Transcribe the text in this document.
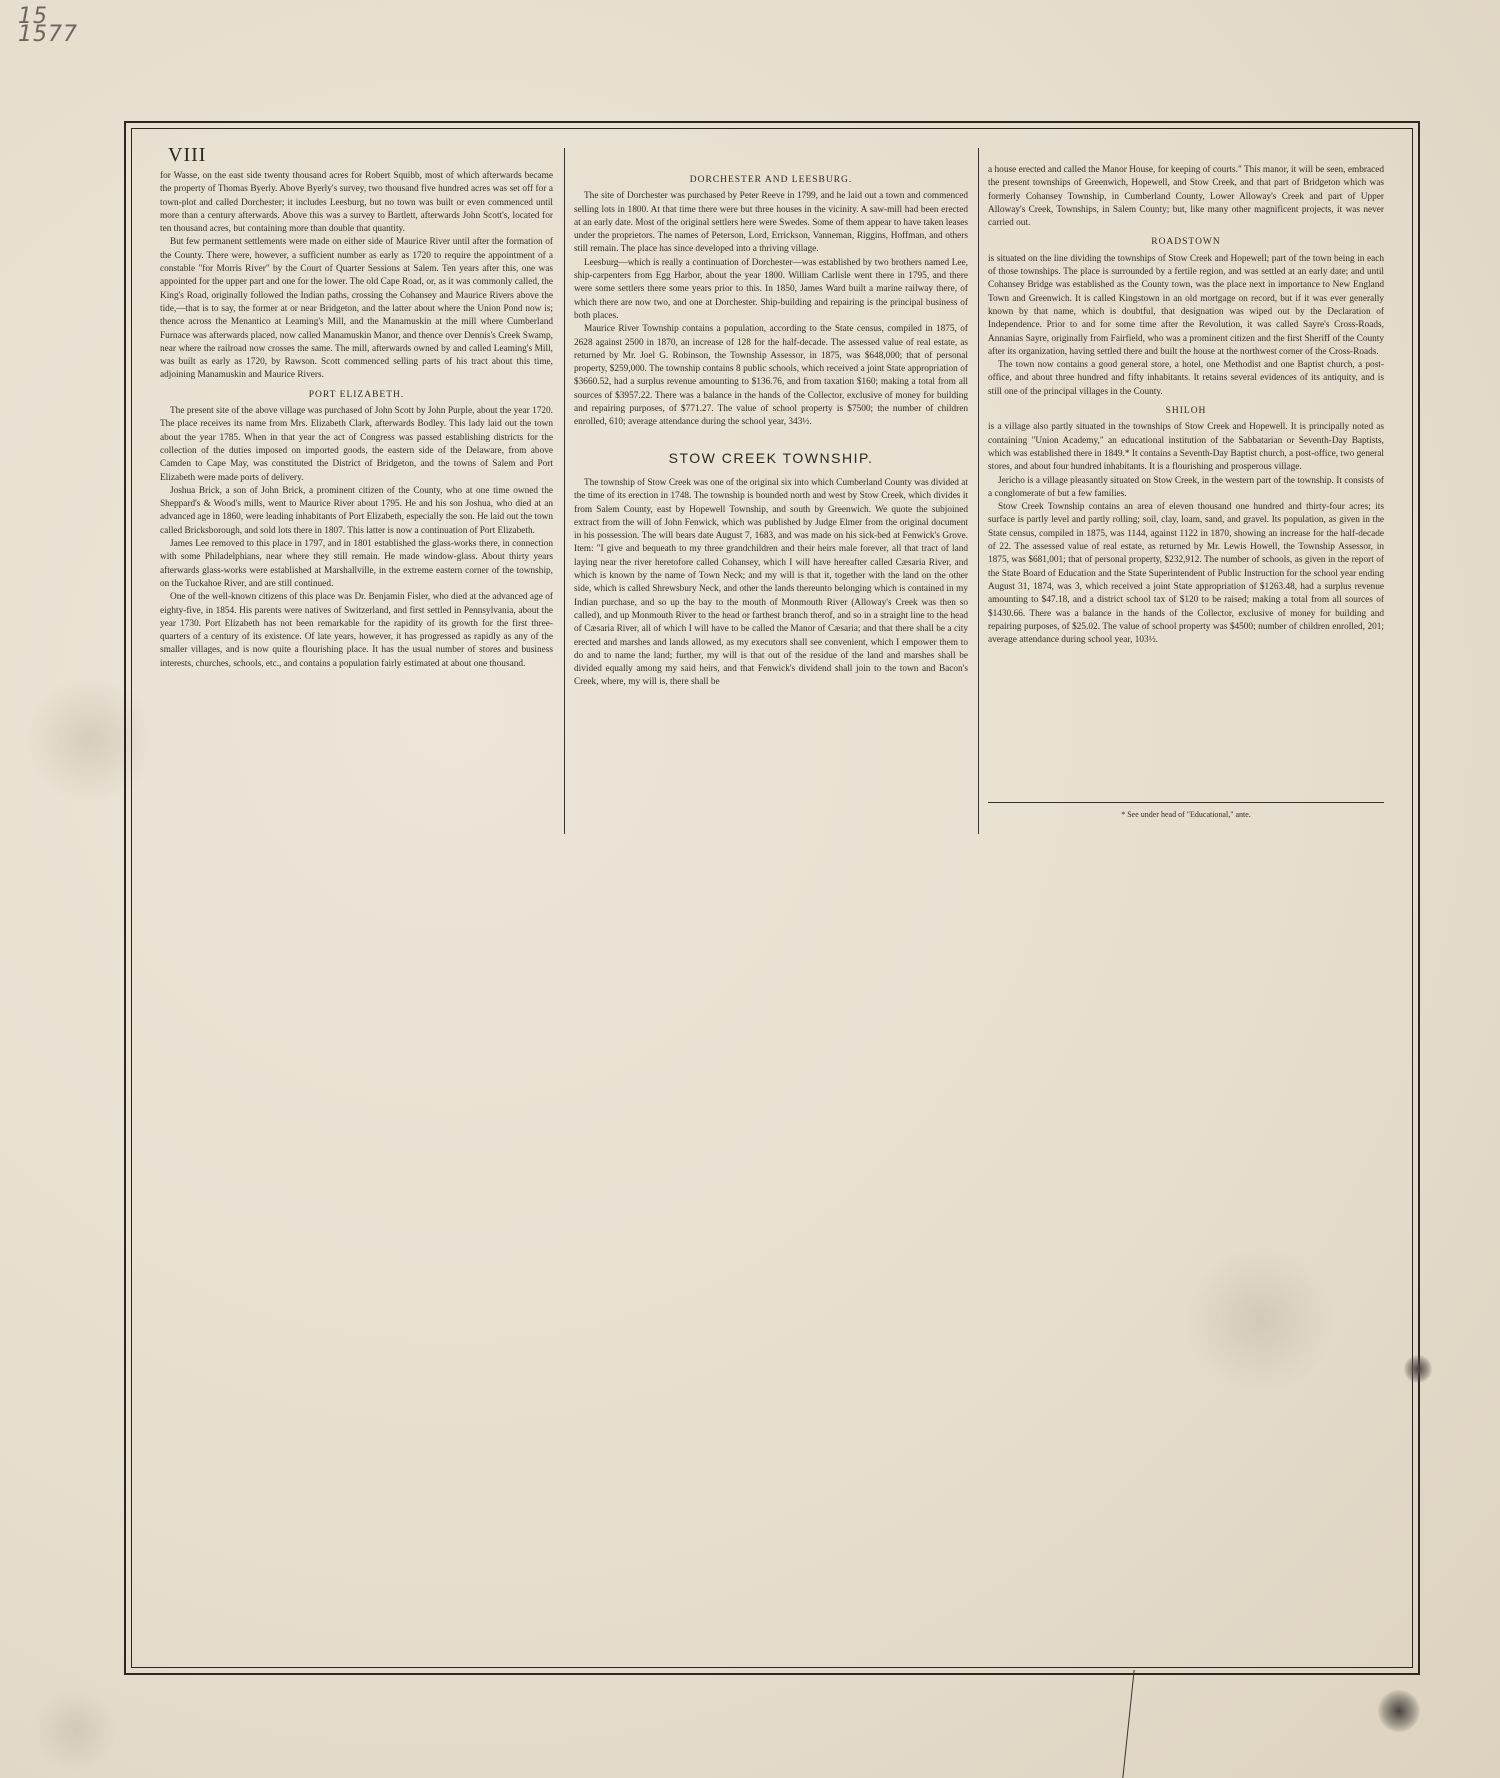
15 1577
VIII

for Wasse, on the east side twenty thousand acres for Robert Squibb, most of which afterwards became the property of Thomas Byerly. Above Byerly's survey, two thousand five hundred acres was set off for a town-plot and called Dorchester; it includes Leesburg, but no town was built or even commenced until more than a century afterwards. Above this was a survey to Bartlett, afterwards John Scott's, located for ten thousand acres, but containing more than double that quantity.

But few permanent settlements were made on either side of Maurice River until after the formation of the County. There were, however, a sufficient number as early as 1720 to require the appointment of a constable "for Morris River" by the Court of Quarter Sessions at Salem. Ten years after this, one was appointed for the upper part and one for the lower. The old Cape Road, or, as it was commonly called, the King's Road, originally followed the Indian paths, crossing the Cohansey and Maurice Rivers above the tide,—that is to say, the former at or near Bridgeton, and the latter about where the Union Pond now is; thence across the Menantico at Leaming's Mill, and the Manamuskin at the mill where Cumberland Furnace was afterwards placed, now called Manamuskin Manor, and thence over Dennis's Creek Swamp, near where the railroad now crosses the same. The mill, afterwards owned by and called Leaming's Mill, was built as early as 1720, by Rawson. Scott commenced selling parts of his tract about this time, adjoining Manamuskin and Maurice Rivers.

PORT ELIZABETH.

The present site of the above village was purchased of John Scott by John Purple, about the year 1720. The place receives its name from Mrs. Elizabeth Clark, afterwards Bodley. This lady laid out the town about the year 1785. When in that year the act of Congress was passed establishing districts for the collection of the duties imposed on imported goods, the eastern side of the Delaware, from above Camden to Cape May, was constituted the District of Bridgeton, and the towns of Salem and Port Elizabeth were made ports of delivery.

Joshua Brick, a son of John Brick, a prominent citizen of the County, who at one time owned the Sheppard's & Wood's mills, went to Maurice River about 1795. He and his son Joshua, who died at an advanced age in 1860, were leading inhabitants of Port Elizabeth, especially the son. He laid out the town called Bricksborough, and sold lots there in 1807. This latter is now a continuation of Port Elizabeth.

James Lee removed to this place in 1797, and in 1801 established the glass-works there, in connection with some Philadelphians, near where they still remain. He made window-glass. About thirty years afterwards glass-works were established at Marshallville, in the extreme eastern corner of the township, on the Tuckahoe River, and are still continued.

One of the well-known citizens of this place was Dr. Benjamin Fisler, who died at the advanced age of eighty-five, in 1854. His parents were natives of Switzerland, and first settled in Pennsylvania, about the year 1730. Port Elizabeth has not been remarkable for the rapidity of its growth for the first three-quarters of a century of its existence. Of late years, however, it has progressed as rapidly as any of the smaller villages, and is now quite a flourishing place. It has the usual number of stores and business interests, churches, schools, etc., and contains a population fairly estimated at about one thousand.

DORCHESTER AND LEESBURG.

The site of Dorchester was purchased by Peter Reeve in 1799, and he laid out a town and commenced selling lots in 1800. At that time there were but three houses in the vicinity. A saw-mill had been erected at an early date. Most of the original settlers here were Swedes. Some of them appear to have taken leases under the proprietors. The names of Peterson, Lord, Errickson, Vanneman, Riggins, Hoffman, and others still remain. The place has since developed into a thriving village.

Leesburg—which is really a continuation of Dorchester—was established by two brothers named Lee, ship-carpenters from Egg Harbor, about the year 1800. William Carlisle went there in 1795, and there were some settlers there some years prior to this. In 1850, James Ward built a marine railway there, of which there are now two, and one at Dorchester. Ship-building and repairing is the principal business of both places.

Maurice River Township contains a population, according to the State census, compiled in 1875, of 2628 against 2500 in 1870, an increase of 128 for the half-decade. The assessed value of real estate, as returned by Mr. Joel G. Robinson, the Township Assessor, in 1875, was $648,000; that of personal property, $259,000. The township contains 8 public schools, which received a joint State appropriation of $3660.52, had a surplus revenue amounting to $136.76, and from taxation $160; making a total from all sources of $3957.22. There was a balance in the hands of the Collector, exclusive of money for building and repairing purposes, of $771.27. The value of school property is $7500; the number of children enrolled, 610; average attendance during the school year, 343½.

STOW CREEK TOWNSHIP.

The township of Stow Creek was one of the original six into which Cumberland County was divided at the time of its erection in 1748. The township is bounded north and west by Stow Creek, which divides it from Salem County, east by Hopewell Township, and south by Greenwich. We quote the subjoined extract from the will of John Fenwick, which was published by Judge Elmer from the original document in his possession. The will bears date August 7, 1683, and was made on his sick-bed at Fenwick's Grove. Item: "I give and bequeath to my three grandchildren and their heirs male forever, all that tract of land laying near the river heretofore called Cohansey, which I will have hereafter called Cæsaria River, and which is known by the name of Town Neck; and my will is that it, together with the land on the other side, which is called Shrewsbury Neck, and other the lands thereunto belonging which is contained in my Indian purchase, and so up the bay to the mouth of Monmouth River (Alloway's Creek was then so called), and up Monmouth River to the head or farthest branch therof, and so in a straight line to the head of Cæsaria River, all of which I will have to be called the Manor of Cæsaria; and that there shall be a city erected and marshes and lands allowed, as my executors shall see convenient, which I empower them to do and to name the land; further, my will is that out of the residue of the land and marshes shall be divided equally among my said heirs, and that Fenwick's dividend shall join to the town and Bacon's Creek, where, my will is, there shall be

a house erected and called the Manor House, for keeping of courts." This manor, it will be seen, embraced the present townships of Greenwich, Hopewell, and Stow Creek, and that part of Bridgeton which was formerly Cohansey Township, in Cumberland County, Lower Alloway's Creek and part of Upper Alloway's Creek, Townships, in Salem County; but, like many other magnificent projects, it was never carried out.

ROADSTOWN

is situated on the line dividing the townships of Stow Creek and Hopewell; part of the town being in each of those townships. The place is surrounded by a fertile region, and was settled at an early date; and until Cohansey Bridge was established as the County town, was the place next in importance to New England Town and Greenwich. It is called Kingstown in an old mortgage on record, but if it was ever generally known by that name, which is doubtful, that designation was wiped out by the Declaration of Independence. Prior to and for some time after the Revolution, it was called Sayre's Cross-Roads, Annanias Sayre, originally from Fairfield, who was a prominent citizen and the first Sheriff of the County after its organization, having settled there and built the house at the northwest corner of the Cross-Roads.

The town now contains a good general store, a hotel, one Methodist and one Baptist church, a post-office, and about three hundred and fifty inhabitants. It retains several evidences of its antiquity, and is still one of the principal villages in the County.

SHILOH

is a village also partly situated in the townships of Stow Creek and Hopewell. It is principally noted as containing "Union Academy," an educational institution of the Sabbatarian or Seventh-Day Baptists, which was established there in 1849.* It contains a Seventh-Day Baptist church, a post-office, two general stores, and about four hundred inhabitants. It is a flourishing and prosperous village.

Jericho is a village pleasantly situated on Stow Creek, in the western part of the township. It consists of a conglomerate of but a few families.

Stow Creek Township contains an area of eleven thousand one hundred and thirty-four acres; its surface is partly level and partly rolling; soil, clay, loam, sand, and gravel. Its population, as given in the State census, compiled in 1875, was 1144, against 1122 in 1870, showing an increase for the half-decade of 22. The assessed value of real estate, as returned by Mr. Lewis Howell, the Township Assessor, in 1875, was $681,001; that of personal property, $232,912. The number of schools, as given in the report of the State Board of Education and the State Superintendent of Public Instruction for the school year ending August 31, 1874, was 3, which received a joint State appropriation of $1263.48, had a surplus revenue amounting to $47.18, and a district school tax of $120 to be raised; making a total from all sources of $1430.66. There was a balance in the hands of the Collector, exclusive of money for building and repairing purposes, of $25.02. The value of school property was $4500; number of children enrolled, 201; average attendance during school year, 103½.

* See under head of "Educational," ante.
